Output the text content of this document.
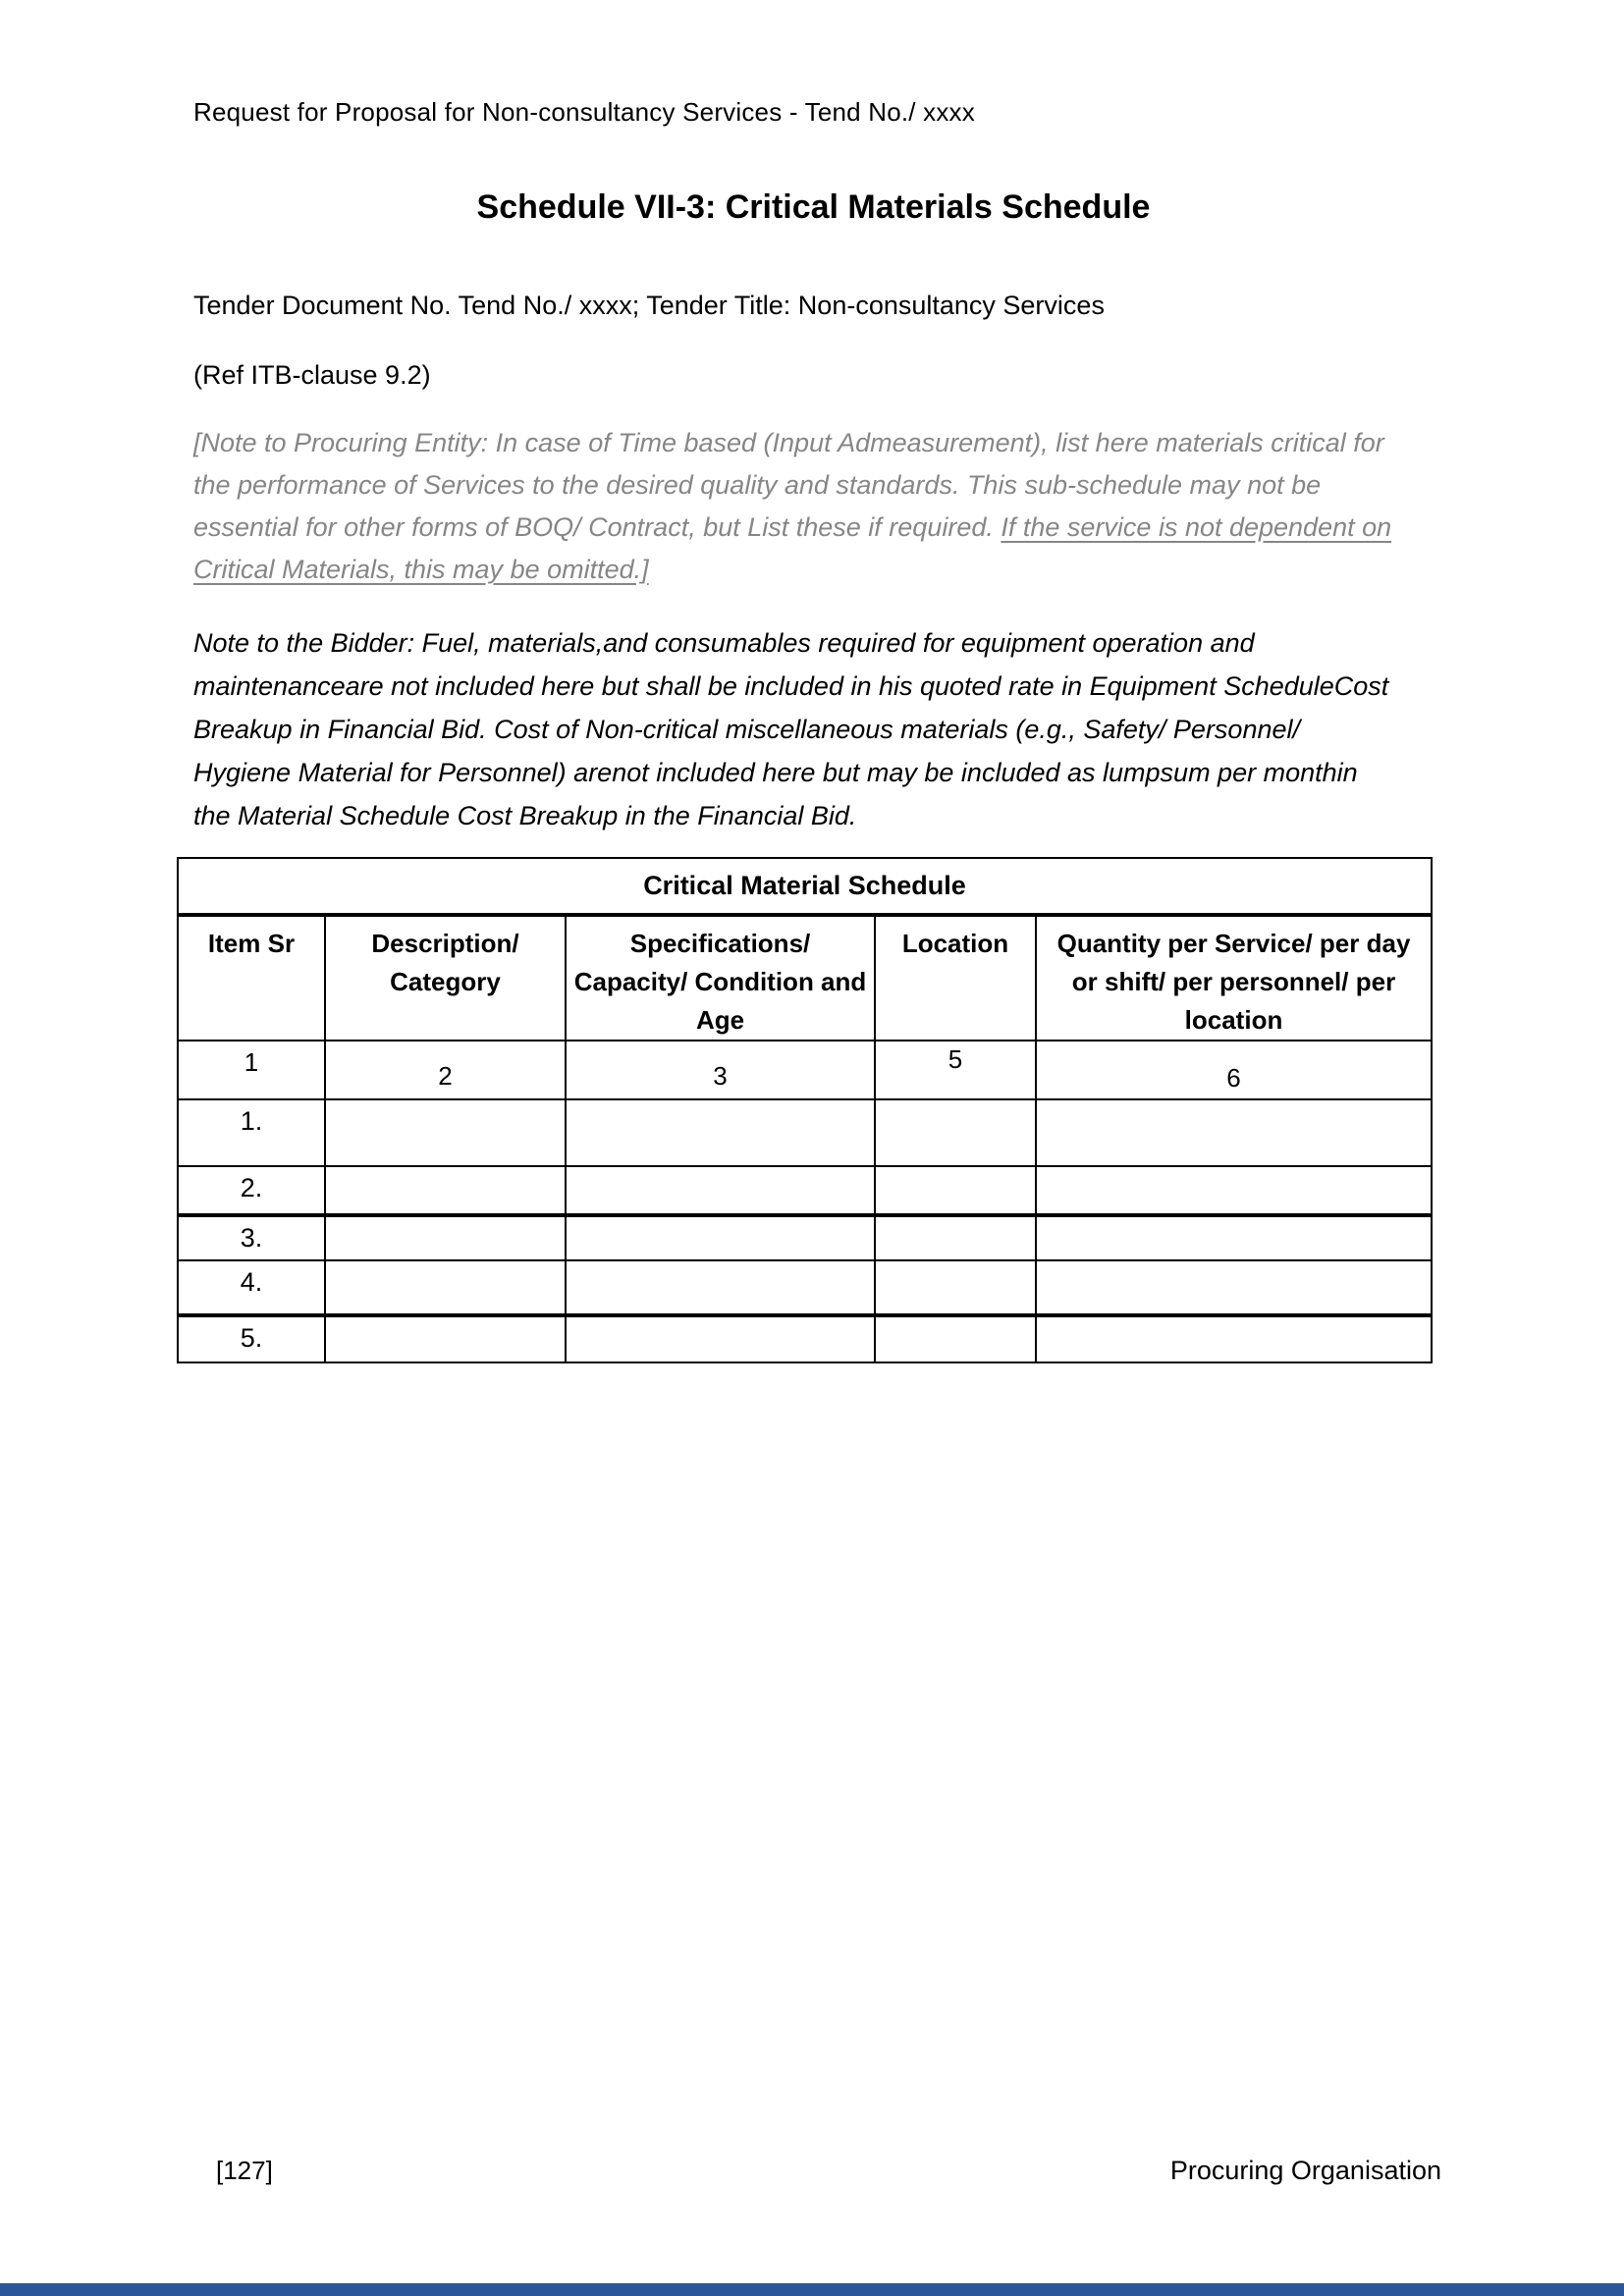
Request for Proposal for Non-consultancy Services - Tend No./ xxxx
Schedule VII-3: Critical Materials Schedule
Tender Document No. Tend No./ xxxx; Tender Title: Non-consultancy Services
(Ref ITB-clause 9.2)
[Note to Procuring Entity: In case of Time based (Input Admeasurement), list here materials critical for
the performance of Services to the desired quality and standards. This sub-schedule may not be
essential for other forms of BOQ/ Contract, but List these if required. If the service is not dependent on
Critical Materials, this may be omitted.]
Note to the Bidder: Fuel, materials,and consumables required for equipment operation and
maintenanceare not included here but shall be included in his quoted rate in Equipment ScheduleCost
Breakup in Financial Bid. Cost of Non-critical miscellaneous materials (e.g., Safety/ Personnel/
Hygiene Material for Personnel) arenot included here but may be included as lumpsum per monthin
the Material Schedule Cost Breakup in the Financial Bid.
Critical Material Schedule				
Item Sr	Description/ Category	Specifications/ Capacity/ Condition and Age	Location	Quantity per Service/ per day or shift/ per personnel/ per location
1	2	3	5	6
1.				
2.				
3.				
4.				
5.				
[127]	Procuring Organisation
